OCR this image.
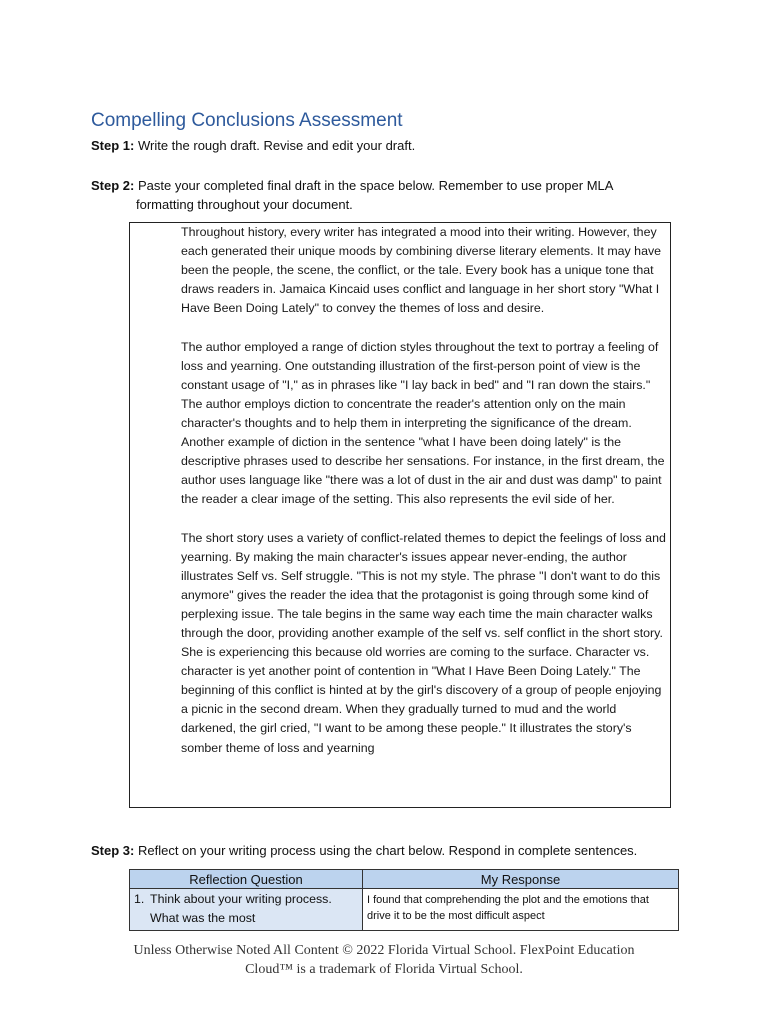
Compelling Conclusions Assessment
Step 1: Write the rough draft. Revise and edit your draft.
Step 2: Paste your completed final draft in the space below. Remember to use proper MLA
formatting throughout your document.

Throughout history, every writer has integrated a mood into their writing. However, they each generated their unique moods by combining diverse literary elements. It may have been the people, the scene, the conflict, or the tale. Every book has a unique tone that draws readers in. Jamaica Kincaid uses conflict and language in her short story "What I Have Been Doing Lately" to convey the themes of loss and desire.

The author employed a range of diction styles throughout the text to portray a feeling of loss and yearning. One outstanding illustration of the first-person point of view is the constant usage of "I," as in phrases like "I lay back in bed" and "I ran down the stairs." The author employs diction to concentrate the reader's attention only on the main character's thoughts and to help them in interpreting the significance of the dream. Another example of diction in the sentence "what I have been doing lately" is the descriptive phrases used to describe her sensations. For instance, in the first dream, the author uses language like "there was a lot of dust in the air and dust was damp" to paint the reader a clear image of the setting. This also represents the evil side of her.

The short story uses a variety of conflict-related themes to depict the feelings of loss and yearning. By making the main character's issues appear never-ending, the author illustrates Self vs. Self struggle. "This is not my style. The phrase "I don't want to do this anymore" gives the reader the idea that the protagonist is going through some kind of perplexing issue. The tale begins in the same way each time the main character walks through the door, providing another example of the self vs. self conflict in the short story. She is experiencing this because old worries are coming to the surface. Character vs. character is yet another point of contention in "What I Have Been Doing Lately." The beginning of this conflict is hinted at by the girl's discovery of a group of people enjoying a picnic in the second dream. When they gradually turned to mud and the world darkened, the girl cried, "I want to be among these people." It illustrates the story's somber theme of loss and yearning

Step 3: Reflect on your writing process using the chart below. Respond in complete sentences.
Reflection Question	My Response
1. Think about your writing process. What was the most	I found that comprehending the plot and the emotions that drive it to be the most difficult aspect
Unless Otherwise Noted All Content © 2022 Florida Virtual School. FlexPoint Education
Cloud™ is a trademark of Florida Virtual School.
